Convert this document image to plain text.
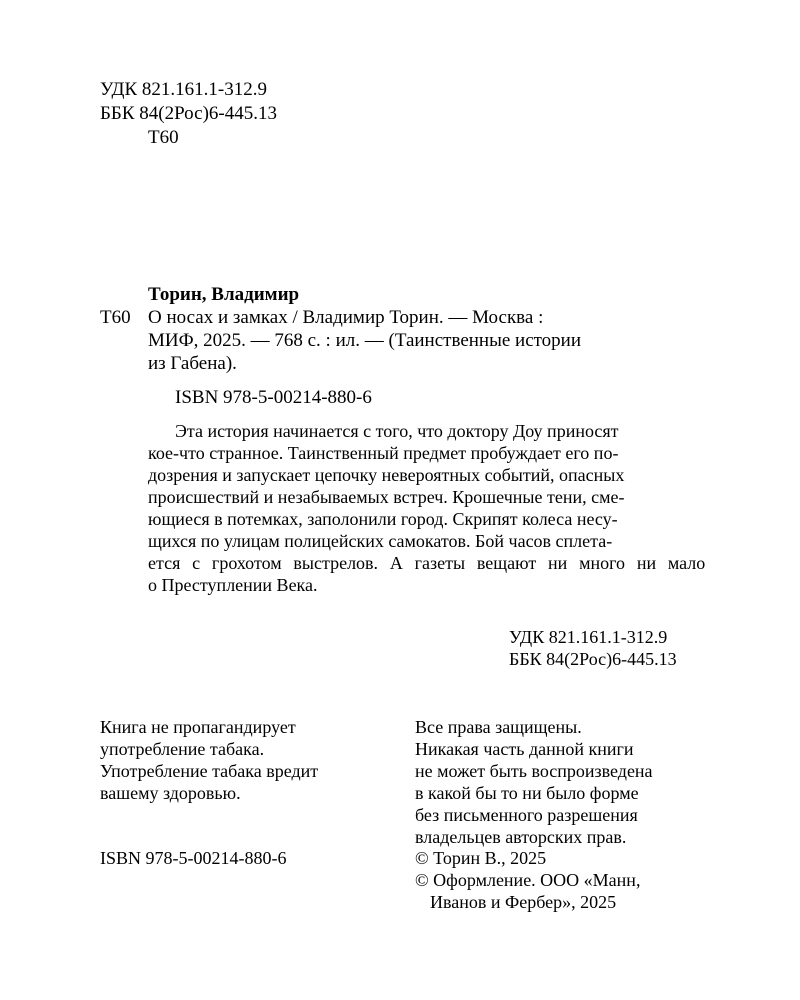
УДК 821.161.1-312.9
ББК 84(2Рос)6-445.13
Т60
Торин, Владимир
Т60 О носах и замках / Владимир Торин. — Москва :
МИФ, 2025. — 768 с. : ил. — (Таинственные истории
из Габена).
ISBN 978-5-00214-880-6
Эта история начинается с того, что доктору Доу приносят
кое-что странное. Таинственный предмет пробуждает его по-
дозрения и запускает цепочку невероятных событий, опасных
происшествий и незабываемых встреч. Крошечные тени, сме-
ющиеся в потемках, заполонили город. Скрипят колеса несу-
щихся по улицам полицейских самокатов. Бой часов сплета-
ется с грохотом выстрелов. А газеты вещают ни много ни мало
о Преступлении Века.
УДК 821.161.1-312.9
ББК 84(2Рос)6-445.13
Книга не пропагандирует
употребление табака.
Употребление табака вредит
вашему здоровью.
Все права защищены.
Никакая часть данной книги
не может быть воспроизведена
в какой бы то ни было форме
без письменного разрешения
владельцев авторских прав.
ISBN 978-5-00214-880-6	© Торин В., 2025
© Оформление. ООО «Манн,
Иванов и Фербер», 2025
